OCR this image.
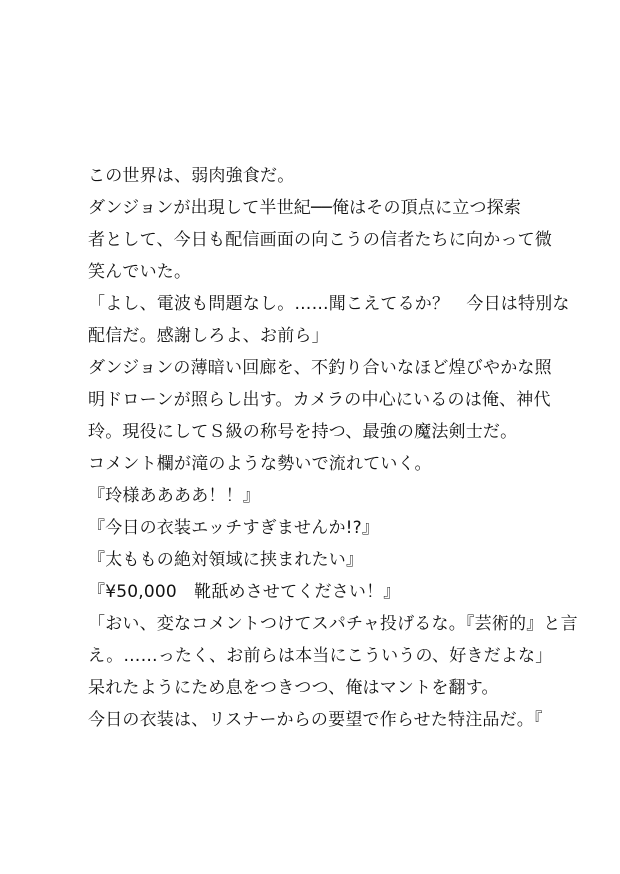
この世界は、弱肉強食だ。
ダンジョンが出現して半世紀──俺はその頂点に立つ探索
者として、今日も配信画面の向こうの信者たちに向かって微
笑んでいた。
「よし、電波も問題なし。……聞こえてるか？　今日は特別な
配信だ。感謝しろよ、お前ら」
ダンジョンの薄暗い回廊を、不釣り合いなほど煌びやかな照
明ドローンが照らし出す。カメラの中心にいるのは俺、神代
玲。現役にしてＳ級の称号を持つ、最強の魔法剣士だ。
コメント欄が滝のような勢いで流れていく。
『玲様ああああ！！』
『今日の衣装エッチすぎませんか!?』
『太ももの絶対領域に挟まれたい』
『¥50,000　靴舐めさせてください！』
「おい、変なコメントつけてスパチャ投げるな。『芸術的』と言
え。……ったく、お前らは本当にこういうの、好きだよな」
呆れたようにため息をつきつつ、俺はマントを翻す。
今日の衣装は、リスナーからの要望で作らせた特注品だ。『
